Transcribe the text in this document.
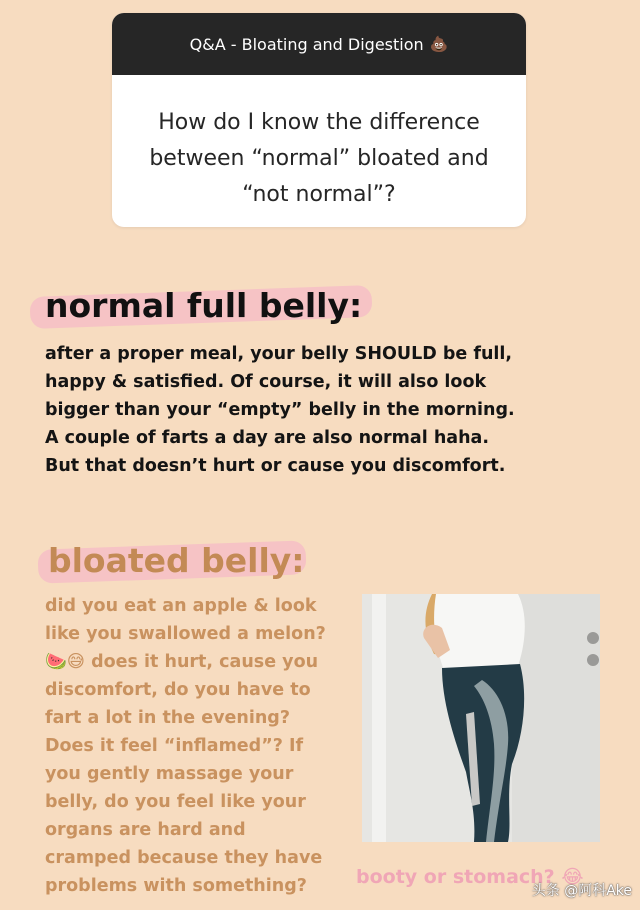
Q&A - Bloating and Digestion 💩
How do I know the difference
between “normal” bloated and
“not normal”?
normal full belly:
after a proper meal, your belly SHOULD be full,
happy & satisfied. Of course, it will also look
bigger than your “empty” belly in the morning.
A couple of farts a day are also normal haha.
But that doesn’t hurt or cause you discomfort.
bloated belly:
did you eat an apple & look
like you swallowed a melon?
🍉😅 does it hurt, cause you
discomfort, do you have to
fart a lot in the evening?
Does it feel “inflamed”? If
you gently massage your
belly, do you feel like your
organs are hard and
cramped because they have
problems with something?	booty or stomach? 😂
头条 @阿科Ake
